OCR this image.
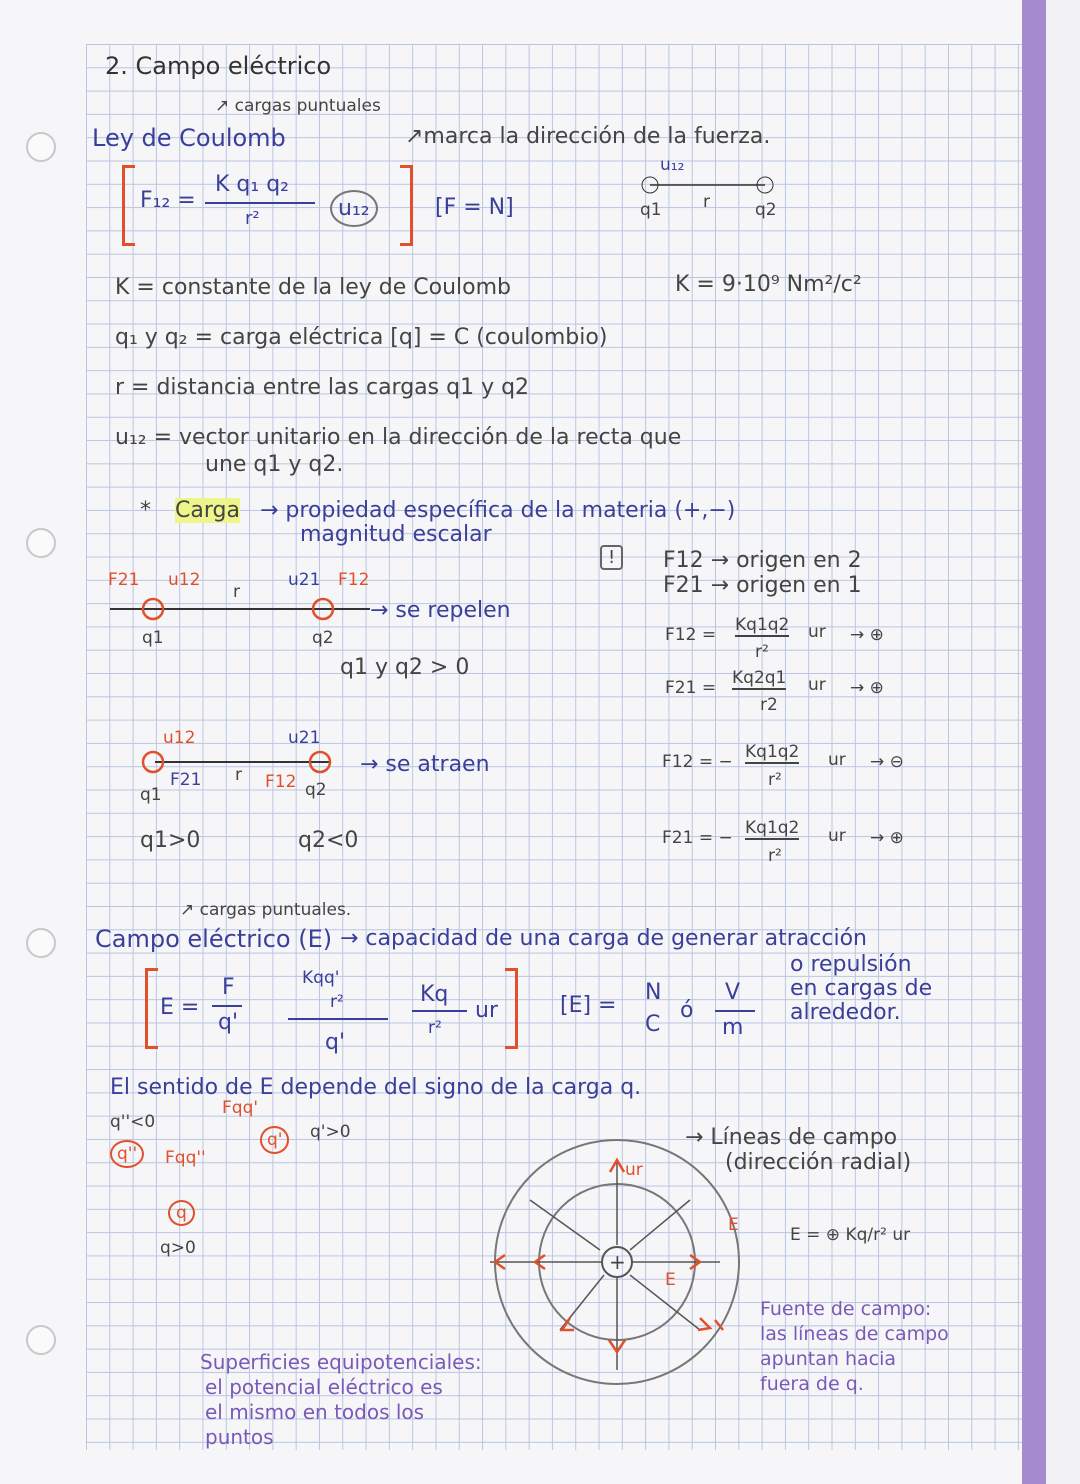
2. Campo eléctrico
↗ cargas puntuales
Ley de Coulomb	↗marca la dirección de la fuerza.
F₁₂ =
K q₁ q₂
r²	u₁₂	[F = N]
u₁₂
q1 r	q2
K = constante de la ley de Coulomb	K = 9·10⁹ Nm²/c²
q₁ y q₂ = carga eléctrica [q] = C (coulombio)
r = distancia entre las cargas q1 y q2
u₁₂ = vector unitario en la dirección de la recta que
une q1 y q2.
* Carga → propiedad específica de la materia (+,−)
magnitud escalar
F21 u12
r
u21 F12
q1	q2
→ se repelen
q1 y q2 > 0
u12	u21
F21 r F12
q1	q2
→ se atraen
q1>0	q2<0
!	F12 → origen en 2
F21 → origen en 1
F12 = Kq1q2
r²
ur → ⊕
F21 = Kq2q1
r2
ur → ⊕
F12 = − Kq1q2
r²
ur → ⊖
F21 = − Kq1q2
r²
ur → ⊕
↗ cargas puntuales.
Campo eléctrico (E) → capacidad de una carga de generar atracción
o repulsión
en cargas de
alrededor.
E =
F
q'
Kqq'
r²
q'
Kq
r²
ur	[E] =
N
C
ó
V
m
El sentido de E depende del signo de la carga q.
q''<0
q''	Fqq''
Fqq'
q'	q'>0
q
q>0
→ Líneas de campo
(dirección radial)
+
ur
E
E
E = ⊕ Kq/r² ur
Fuente de campo:
las líneas de campo
apuntan hacia
fuera de q.
Superficies equipotenciales:
el potencial eléctrico es
el mismo en todos los
puntos
